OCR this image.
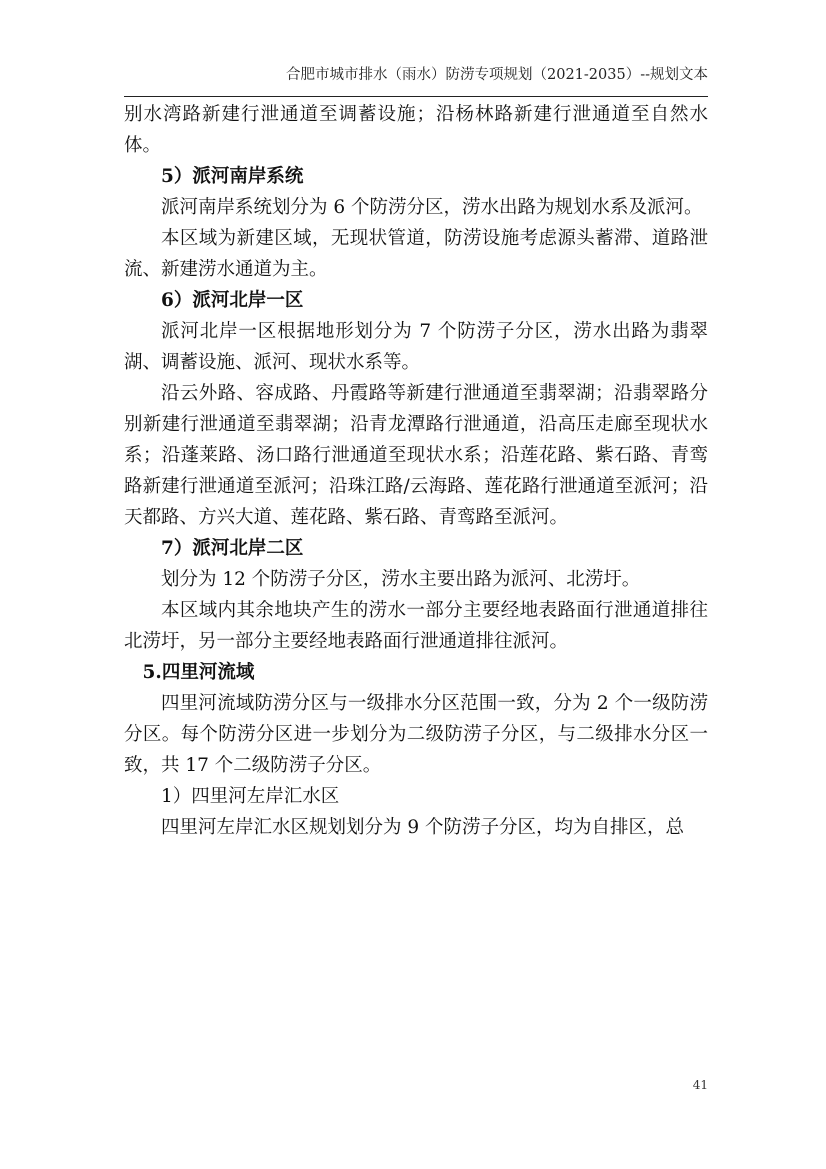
合肥市城市排水（雨水）防涝专项规划（2021-2035）--规划文本

别水湾路新建行泄通道至调蓄设施；沿杨林路新建行泄通道至自然水体。

5）派河南岸系统

派河南岸系统划分为 6 个防涝分区，涝水出路为规划水系及派河。

本区域为新建区域，无现状管道，防涝设施考虑源头蓄滞、道路泄流、新建涝水通道为主。

6）派河北岸一区

派河北岸一区根据地形划分为 7 个防涝子分区，涝水出路为翡翠湖、调蓄设施、派河、现状水系等。

沿云外路、容成路、丹霞路等新建行泄通道至翡翠湖；沿翡翠路分别新建行泄通道至翡翠湖；沿青龙潭路行泄通道，沿高压走廊至现状水系；沿蓬莱路、汤口路行泄通道至现状水系；沿莲花路、紫石路、青鸾路新建行泄通道至派河；沿珠江路/云海路、莲花路行泄通道至派河；沿天都路、方兴大道、莲花路、紫石路、青鸾路至派河。

7）派河北岸二区

划分为 12 个防涝子分区，涝水主要出路为派河、北涝圩。

本区域内其余地块产生的涝水一部分主要经地表路面行泄通道排往北涝圩，另一部分主要经地表路面行泄通道排往派河。

5.四里河流域

四里河流域防涝分区与一级排水分区范围一致，分为 2 个一级防涝分区。每个防涝分区进一步划分为二级防涝子分区，与二级排水分区一致，共 17 个二级防涝子分区。

1）四里河左岸汇水区

四里河左岸汇水区规划划分为 9 个防涝子分区，均为自排区，总

41
